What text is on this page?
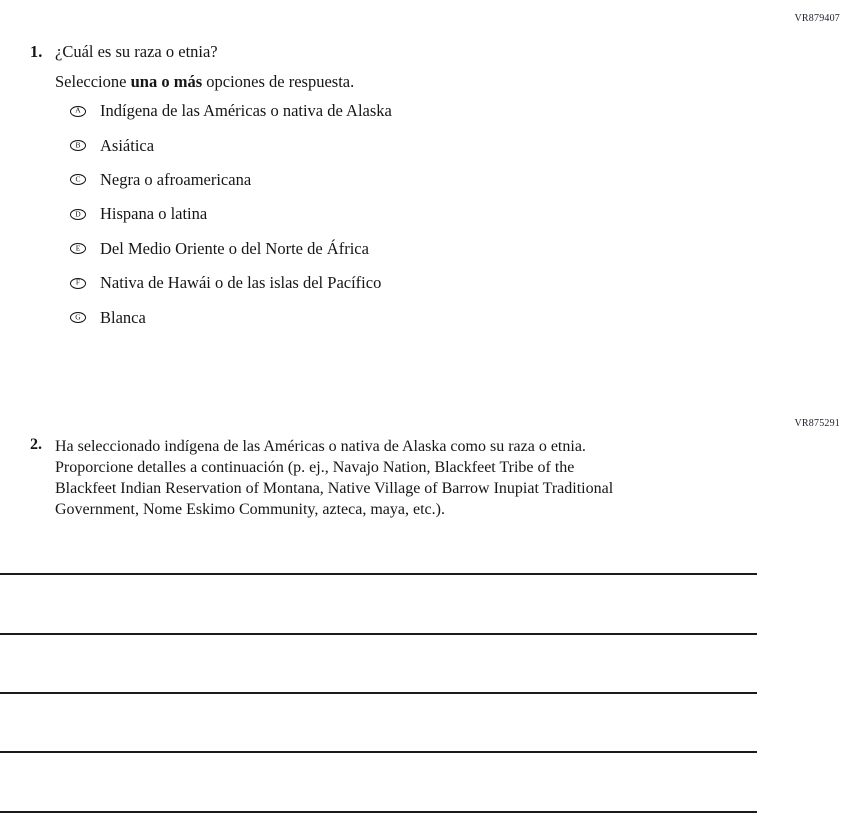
VR879407
1. ¿Cuál es su raza o etnia?
Seleccione una o más opciones de respuesta.
A Indígena de las Américas o nativa de Alaska
B Asiática
C Negra o afroamericana
D Hispana o latina
E Del Medio Oriente o del Norte de África
F Nativa de Hawái o de las islas del Pacífico
G Blanca
VR875291
2. Ha seleccionado indígena de las Américas o nativa de Alaska como su raza o etnia.
Proporcione detalles a continuación (p. ej., Navajo Nation, Blackfeet Tribe of the
Blackfeet Indian Reservation of Montana, Native Village of Barrow Inupiat Traditional
Government, Nome Eskimo Community, azteca, maya, etc.).
